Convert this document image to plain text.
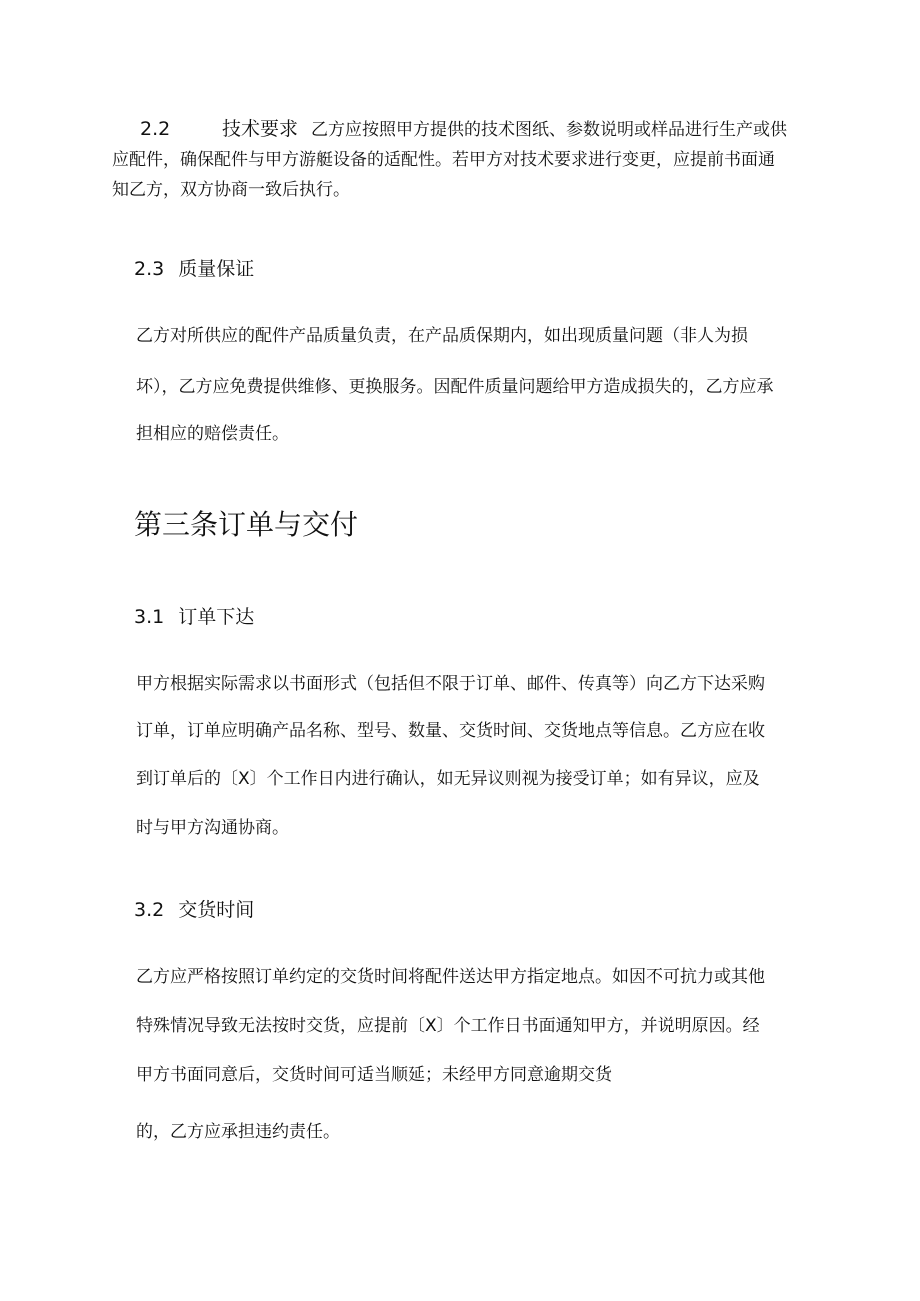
2.2	技术要求 乙方应按照甲方提供的技术图纸、参数说明或样品进行生产或供

应配件，确保配件与甲方游艇设备的适配性。若甲方对技术要求进行变更，应提前书面通

知乙方，双方协商一致后执行。

2.3 质量保证

乙方对所供应的配件产品质量负责，在产品质保期内，如出现质量问题（非人为损

坏），乙方应免费提供维修、更换服务。因配件质量问题给甲方造成损失的，乙方应承

担相应的赔偿责任。

第三条订单与交付
3.1 订单下达

甲方根据实际需求以书面形式（包括但不限于订单、邮件、传真等）向乙方下达采购

订单，订单应明确产品名称、型号、数量、交货时间、交货地点等信息。乙方应在收

到订单后的〔X〕个工作日内进行确认，如无异议则视为接受订单；如有异议，应及

时与甲方沟通协商。

3.2 交货时间

乙方应严格按照订单约定的交货时间将配件送达甲方指定地点。如因不可抗力或其他

特殊情况导致无法按时交货，应提前〔X〕个工作日书面通知甲方，并说明原因。经

甲方书面同意后，交货时间可适当顺延；未经甲方同意逾期交货

的，乙方应承担违约责任。
